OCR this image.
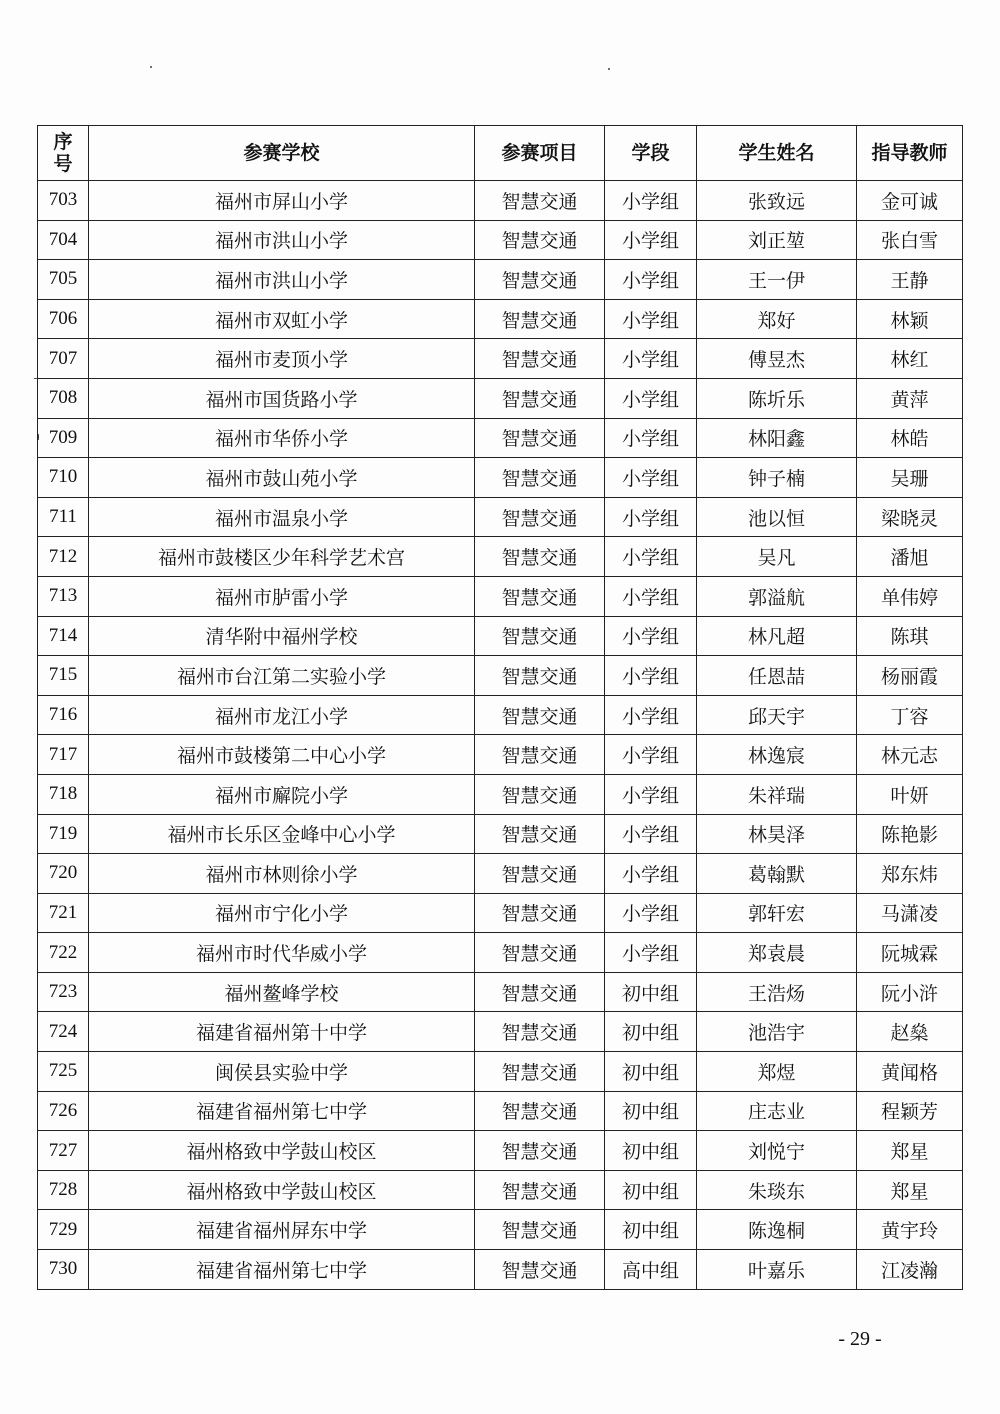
序
号	参赛学校	参赛项目	学段	学生姓名	指导教师
703	福州市屏山小学	智慧交通	小学组	张致远	金可诚
704	福州市洪山小学	智慧交通	小学组	刘正堃	张白雪
705	福州市洪山小学	智慧交通	小学组	王一伊	王静
706	福州市双虹小学	智慧交通	小学组	郑好	林颖
707	福州市麦顶小学	智慧交通	小学组	傅昱杰	林红
708	福州市国货路小学	智慧交通	小学组	陈圻乐	黄萍
709	福州市华侨小学	智慧交通	小学组	林阳鑫	林皓
710	福州市鼓山苑小学	智慧交通	小学组	钟子楠	吴珊
711	福州市温泉小学	智慧交通	小学组	池以恒	梁晓灵
712	福州市鼓楼区少年科学艺术宫	智慧交通	小学组	吴凡	潘旭
713	福州市胪雷小学	智慧交通	小学组	郭溢航	单伟婷
714	清华附中福州学校	智慧交通	小学组	林凡超	陈琪
715	福州市台江第二实验小学	智慧交通	小学组	任恩喆	杨丽霞
716	福州市龙江小学	智慧交通	小学组	邱天宇	丁容
717	福州市鼓楼第二中心小学	智慧交通	小学组	林逸宸	林元志
718	福州市廨院小学	智慧交通	小学组	朱祥瑞	叶妍
719	福州市长乐区金峰中心小学	智慧交通	小学组	林昊泽	陈艳影
720	福州市林则徐小学	智慧交通	小学组	葛翰默	郑东炜
721	福州市宁化小学	智慧交通	小学组	郭轩宏	马潇凌
722	福州市时代华威小学	智慧交通	小学组	郑袁晨	阮城霖
723	福州鳌峰学校	智慧交通	初中组	王浩炀	阮小浒
724	福建省福州第十中学	智慧交通	初中组	池浩宇	赵燊
725	闽侯县实验中学	智慧交通	初中组	郑煜	黄闻格
726	福建省福州第七中学	智慧交通	初中组	庄志业	程颖芳
727	福州格致中学鼓山校区	智慧交通	初中组	刘悦宁	郑星
728	福州格致中学鼓山校区	智慧交通	初中组	朱琰东	郑星
729	福建省福州屏东中学	智慧交通	初中组	陈逸桐	黄宇玲
730	福建省福州第七中学	智慧交通	高中组	叶嘉乐	江凌瀚
- 29 -
